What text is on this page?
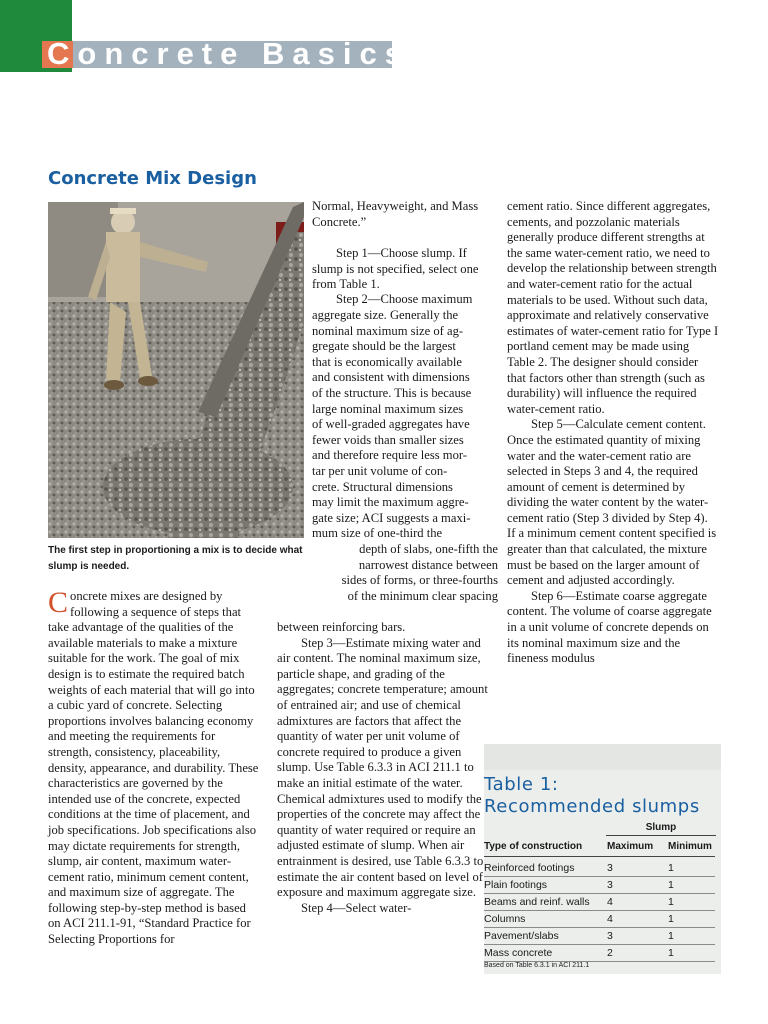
Concrete Basics
Concrete Mix Design
The first step in proportioning a mix is to decide what slump is needed.
Concrete mixes are designed by following a sequence of steps that take advantage of the qualities of the available materials to make a mixture suitable for the work. The goal of mix design is to estimate the required batch weights of each material that will go into a cubic yard of concrete. Selecting proportions involves balancing economy and meeting the requirements for strength, consistency, placeability, density, appearance, and durability. These characteristics are governed by the intended use of the concrete, expected conditions at the time of placement, and job specifications. Job specifications also may dictate requirements for strength, slump, air content, maximum water-cement ratio, minimum cement content, and maximum size of aggregate. The following step-by-step method is based on ACI 211.1-91, “Standard Practice for Selecting Proportions for
Normal, Heavyweight, and Mass Concrete.”
Step 1—Choose slump. If slump is not specified, select one from Table 1.
Step 2—Choose maximum
aggregate size. Generally the
nominal maximum size of ag-
gregate should be the largest
that is economically available
and consistent with dimensions
of the structure. This is because
large nominal maximum sizes
of well-graded aggregates have
fewer voids than smaller sizes
and therefore require less mor-
tar per unit volume of con-
crete. Structural dimensions
may limit the maximum aggre-
gate size; ACI suggests a maxi-
mum size of one-third the
depth of slabs, one-fifth the
narrowest distance between
sides of forms, or three-fourths
of the minimum clear spacing
between reinforcing bars.
Step 3—Estimate mixing water and air content. The nominal maximum size, particle shape, and grading of the aggregates; concrete temperature; amount of entrained air; and use of chemical admixtures are factors that affect the quantity of water per unit volume of concrete required to produce a given slump. Use Table 6.3.3 in ACI 211.1 to make an initial estimate of the water. Chemical admixtures used to modify the properties of the concrete may affect the quantity of water required or require an adjusted estimate of slump. When air entrainment is desired, use Table 6.3.3 to estimate the air content based on level of exposure and maximum aggregate size.
Step 4—Select water-
cement ratio. Since different aggregates, cements, and pozzolanic materials generally produce different strengths at the same water-cement ratio, we need to develop the relationship between strength and water-cement ratio for the actual materials to be used. Without such data, approximate and relatively conservative estimates of water-cement ratio for Type I portland cement may be made using Table 2. The designer should consider that factors other than strength (such as durability) will influence the required water-cement ratio.
Step 5—Calculate cement content. Once the estimated quantity of mixing water and the water-cement ratio are selected in Steps 3 and 4, the required amount of cement is determined by dividing the water content by the water-cement ratio (Step 3 divided by Step 4). If a minimum cement content specified is greater than that calculated, the mixture must be based on the larger amount of cement and adjusted accordingly.
Step 6—Estimate coarse aggregate content. The volume of coarse aggregate in a unit volume of concrete depends on its nominal maximum size and the fineness modulus
Table 1:
Recommended slumps
Slump
Type of construction Maximum Minimum
Reinforced footings	3	1
Plain footings	3	1
Beams and reinf. walls 4	1
Columns	4	1
Pavement/slabs	3	1
Mass concrete	2	1
Based on Table 6.3.1 in ACI 211.1
